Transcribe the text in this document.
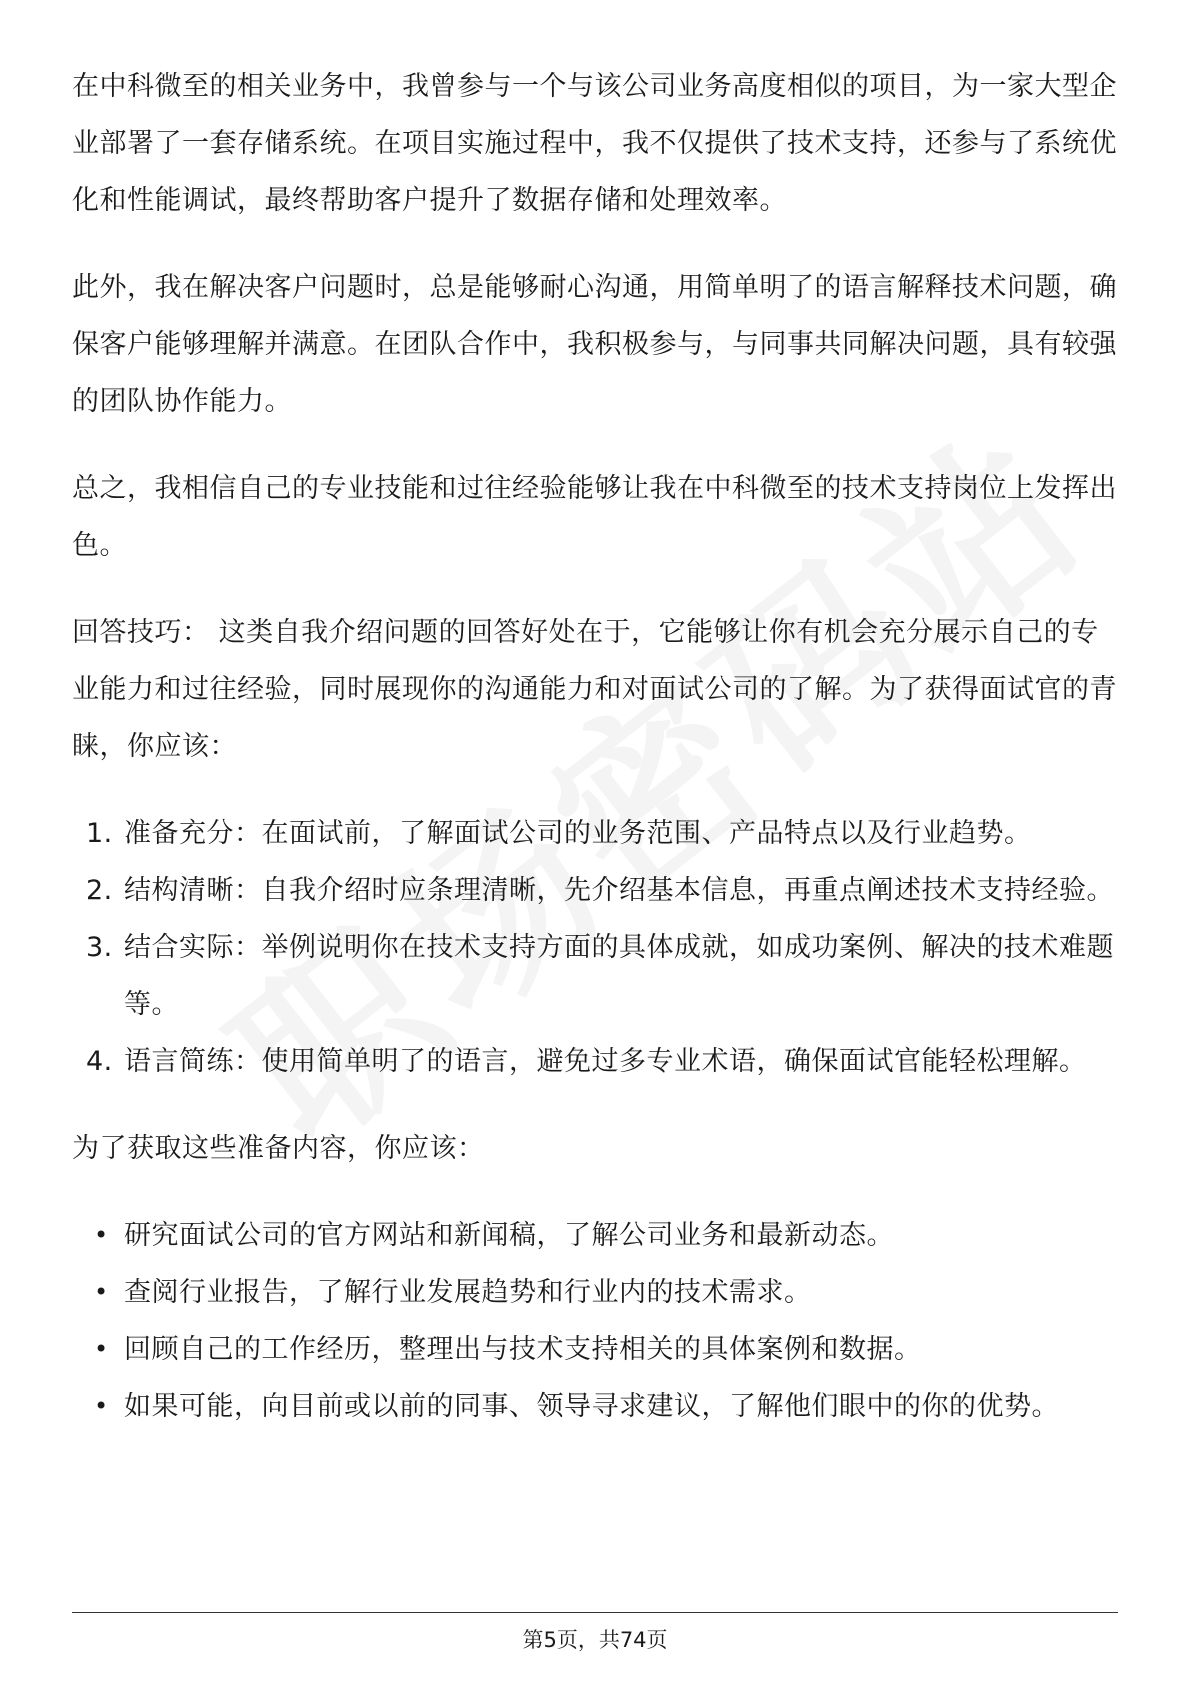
在中科微至的相关业务中，我曾参与一个与该公司业务高度相似的项目，为一家大型企业部署了一套存储系统。在项目实施过程中，我不仅提供了技术支持，还参与了系统优化和性能调试，最终帮助客户提升了数据存储和处理效率。

此外，我在解决客户问题时，总是能够耐心沟通，用简单明了的语言解释技术问题，确保客户能够理解并满意。在团队合作中，我积极参与，与同事共同解决问题，具有较强的团队协作能力。

总之，我相信自己的专业技能和过往经验能够让我在中科微至的技术支持岗位上发挥出色。

回答技巧： 这类自我介绍问题的回答好处在于，它能够让你有机会充分展示自己的专业能力和过往经验，同时展现你的沟通能力和对面试公司的了解。为了获得面试官的青睐，你应该：

1. 准备充分：在面试前，了解面试公司的业务范围、产品特点以及行业趋势。
2. 结构清晰：自我介绍时应条理清晰，先介绍基本信息，再重点阐述技术支持经验。
3. 结合实际：举例说明你在技术支持方面的具体成就，如成功案例、解决的技术难题等。
4. 语言简练：使用简单明了的语言，避免过多专业术语，确保面试官能轻松理解。

为了获取这些准备内容，你应该：

• 研究面试公司的官方网站和新闻稿，了解公司业务和最新动态。
• 查阅行业报告，了解行业发展趋势和行业内的技术需求。
• 回顾自己的工作经历，整理出与技术支持相关的具体案例和数据。
• 如果可能，向目前或以前的同事、领导寻求建议，了解他们眼中的你的优势。
第5页，共74页
